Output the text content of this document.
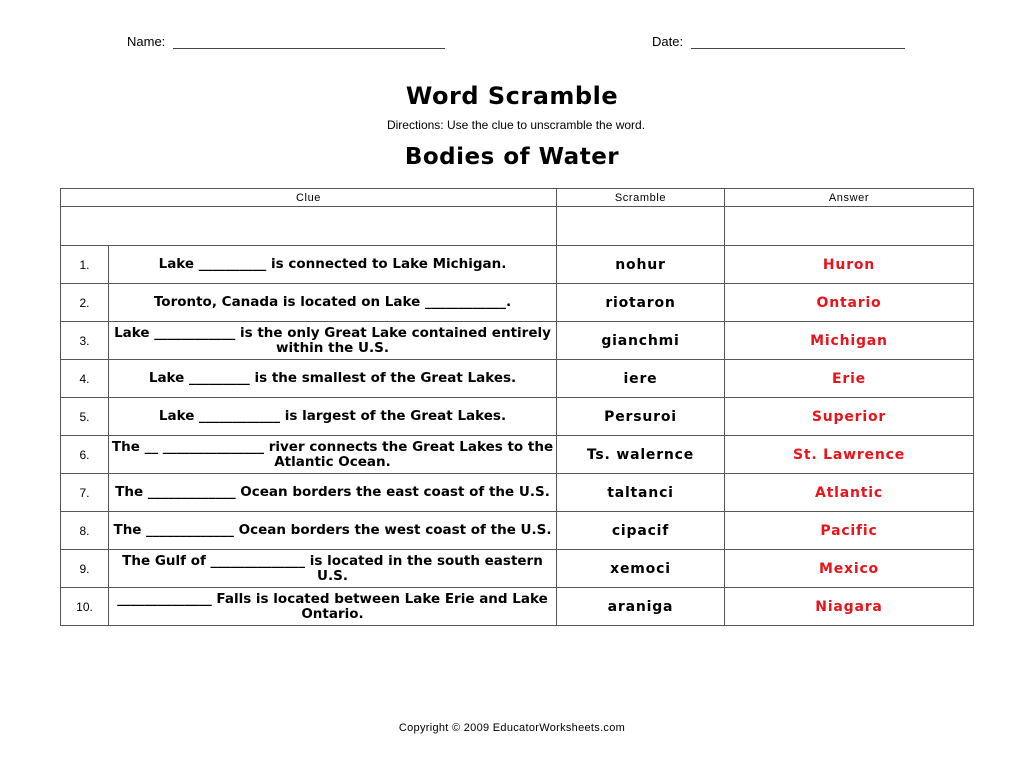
Name:	Date:
Word Scramble
Directions: Use the clue to unscramble the word.
Bodies of Water
Clue		Scramble	Answer

1.	Lake __________ is connected to Lake Michigan.	nohur	Huron
2.	Toronto, Canada is located on Lake ____________.	riotaron	Ontario
3.	Lake ____________ is the only Great Lake contained entirely within the U.S.	gianchmi	Michigan
4.	Lake _________ is the smallest of the Great Lakes.	iere	Erie
5.	Lake ____________ is largest of the Great Lakes.	Persuroi	Superior
6.	The __ _______________ river connects the Great Lakes to the Atlantic Ocean.	Ts. walernce	St. Lawrence
7.	The _____________ Ocean borders the east coast of the U.S.	taltanci	Atlantic
8.	The _____________ Ocean borders the west coast of the U.S.	cipacif	Pacific
9.	The Gulf of ______________ is located in the south eastern U.S.	xemoci	Mexico
10.	______________ Falls is located between Lake Erie and Lake Ontario.	araniga	Niagara
Copyright © 2009 EducatorWorksheets.com
